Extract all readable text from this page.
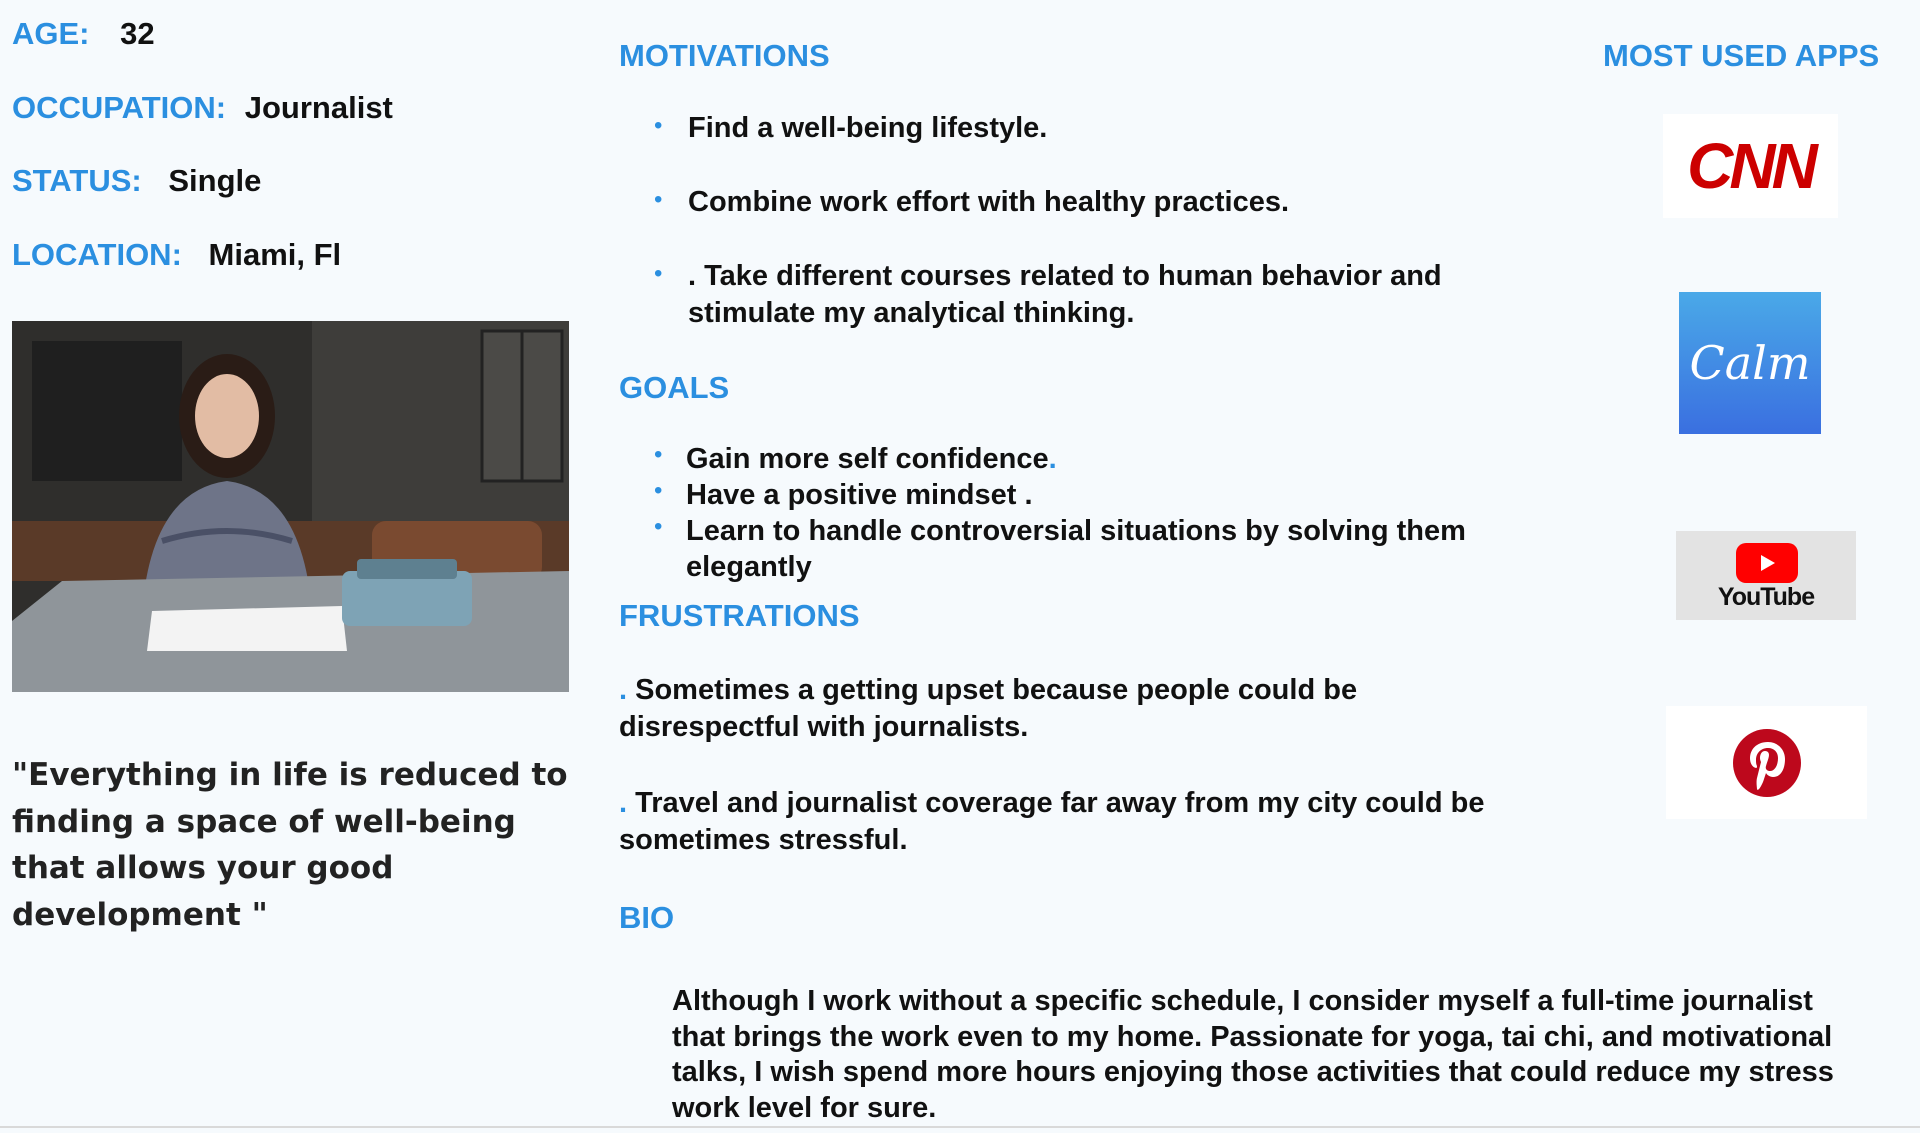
AGE: 32
OCCUPATION: Journalist
STATUS: Single
LOCATION: Miami, Fl
"Everything in life is reduced to finding a space of well-being that allows your good development "
MOTIVATIONS
• Find a well-being lifestyle.
• Combine work effort with healthy practices.
• . Take different courses related to human behavior and stimulate my analytical thinking.
GOALS
• Gain more self confidence.
• Have a positive mindset .
• Learn to handle controversial situations by solving them elegantly
FRUSTRATIONS
. Sometimes a getting upset because people could be disrespectful with journalists.
. Travel and journalist coverage far away from my city could be sometimes stressful.
BIO
Although I work without a specific schedule, I consider myself a full-time journalist that brings the work even to my home. Passionate for yoga, tai chi, and motivational talks, I wish spend more hours enjoying those activities that could reduce my stress work level for sure.
MOST USED APPS
CNN
Calm
YouTube
